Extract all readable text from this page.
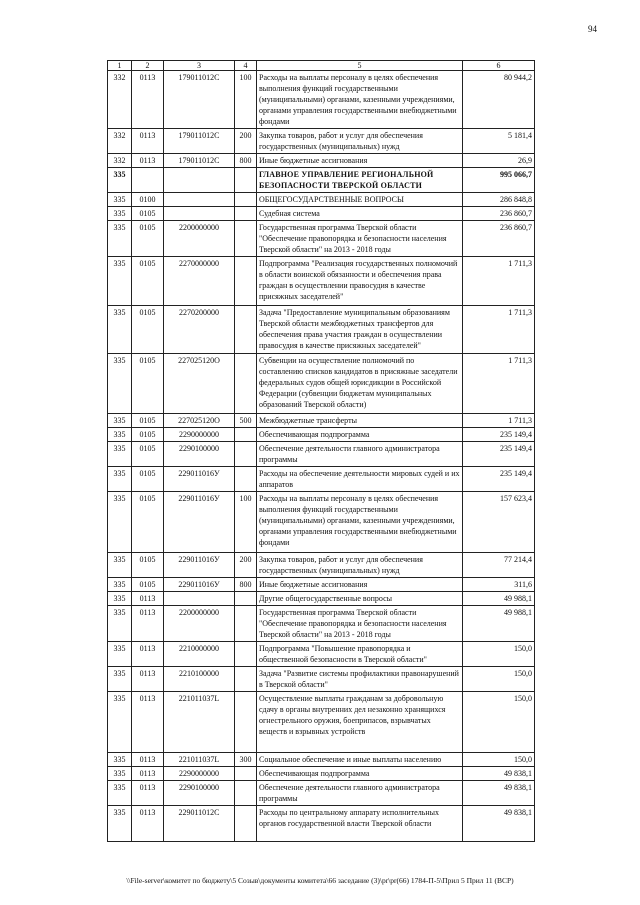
94
1	2	3	4	5	6
332	0113	179011012С	100	Расходы на выплаты персоналу в целях обеспечения выполнения функций государственными (муниципальными) органами, казенными учреждениями, органами управления государственными внебюджетными фондами	80 944,2
332	0113	179011012С	200	Закупка товаров, работ и услуг для обеспечения государственных (муниципальных) нужд	5 181,4
332	0113	179011012С	800	Иные бюджетные ассигнования	26,9
335				ГЛАВНОЕ УПРАВЛЕНИЕ РЕГИОНАЛЬНОЙ БЕЗОПАСНОСТИ ТВЕРСКОЙ ОБЛАСТИ	995 066,7
335	0100			ОБЩЕГОСУДАРСТВЕННЫЕ ВОПРОСЫ	286 848,8
335	0105			Судебная система	236 860,7
335	0105	2200000000		Государственная программа Тверской области "Обеспечение правопорядка и безопасности населения Тверской области" на 2013 - 2018 годы	236 860,7
335	0105	2270000000		Подпрограмма "Реализация государственных полномочий в области воинской обязанности и обеспечения права граждан в осуществлении правосудия в качестве присяжных заседателей"	1 711,3
335	0105	2270200000		Задача "Предоставление муниципальным образованиям Тверской области межбюджетных трансфертов для обеспечения права участия граждан в осуществлении правосудия в качестве присяжных заседателей"	1 711,3
335	0105	227025120О		Субвенции на осуществление полномочий по составлению списков кандидатов в присяжные заседатели федеральных судов общей юрисдикции в Российской Федерации (субвенции бюджетам муниципальных образований Тверской области)	1 711,3
335	0105	227025120О	500	Межбюджетные трансферты	1 711,3
335	0105	2290000000		Обеспечивающая подпрограмма	235 149,4
335	0105	2290100000		Обеспечение деятельности главного администратора программы	235 149,4
335	0105	229011016У		Расходы на обеспечение деятельности мировых судей и их аппаратов	235 149,4
335	0105	229011016У	100	Расходы на выплаты персоналу в целях обеспечения выполнения функций государственными (муниципальными) органами, казенными учреждениями, органами управления государственными внебюджетными фондами	157 623,4
335	0105	229011016У	200	Закупка товаров, работ и услуг для обеспечения государственных (муниципальных) нужд	77 214,4
335	0105	229011016У	800	Иные бюджетные ассигнования	311,6
335	0113			Другие общегосударственные вопросы	49 988,1
335	0113	2200000000		Государственная программа Тверской области "Обеспечение правопорядка и безопасности населения Тверской области" на 2013 - 2018 годы	49 988,1
335	0113	2210000000		Подпрограмма "Повышение правопорядка и общественной безопасности в Тверской области"	150,0
335	0113	2210100000		Задача "Развитие системы профилактики правонарушений в Тверской области"	150,0
335	0113	221011037L		Осуществление выплаты гражданам за добровольную сдачу в органы внутренних дел незаконно хранящихся огнестрельного оружия, боеприпасов, взрывчатых веществ и взрывных устройств	150,0
335	0113	221011037L	300	Социальное обеспечение и иные выплаты населению	150,0
335	0113	2290000000		Обеспечивающая подпрограмма	49 838,1
335	0113	2290100000		Обеспечение деятельности главного администратора программы	49 838,1
335	0113	229011012С		Расходы по центральному аппарату исполнительных органов государственной власти Тверской области	49 838,1
\\File-server\комитет по бюджету\5 Созыв\документы комитета\66 заседание (3)\pr\pr(66) 1784-П-5\Прил 5 Прил 11 (ВСР)
